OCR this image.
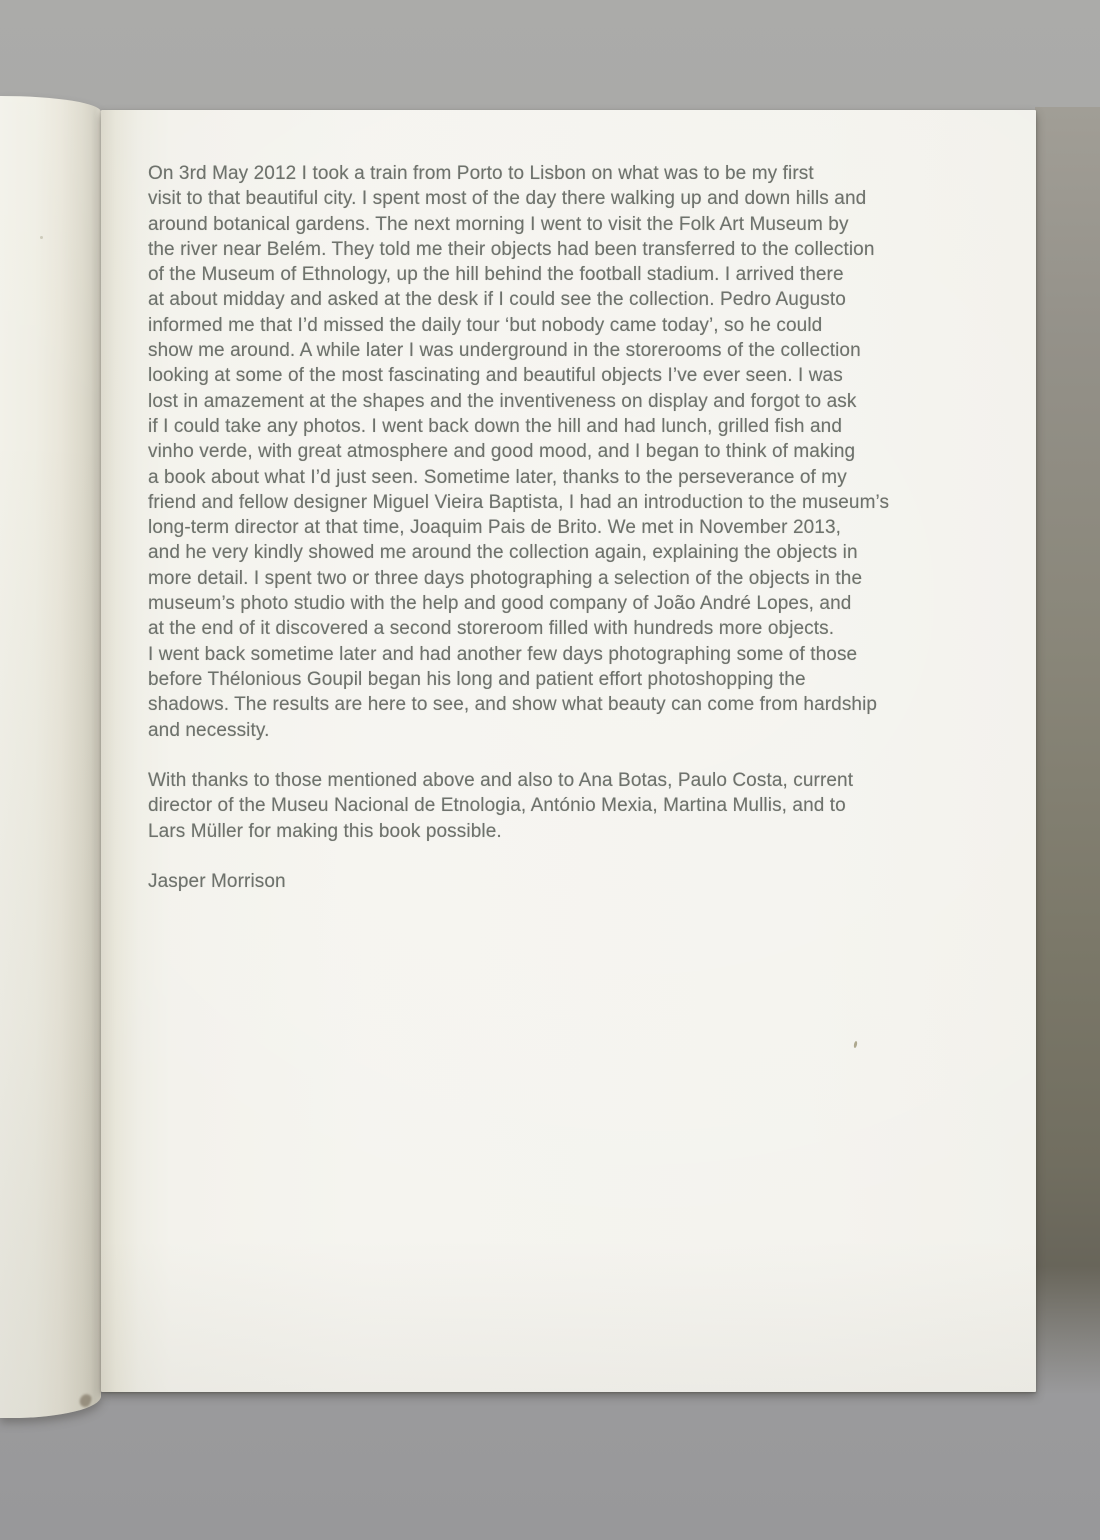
On 3rd May 2012 I took a train from Porto to Lisbon on what was to be my first
visit to that beautiful city. I spent most of the day there walking up and down hills and
around botanical gardens. The next morning I went to visit the Folk Art Museum by
the river near Belém. They told me their objects had been transferred to the collection
of the Museum of Ethnology, up the hill behind the football stadium. I arrived there
at about midday and asked at the desk if I could see the collection. Pedro Augusto
informed me that I’d missed the daily tour ‘but nobody came today’, so he could
show me around. A while later I was underground in the storerooms of the collection
looking at some of the most fascinating and beautiful objects I’ve ever seen. I was
lost in amazement at the shapes and the inventiveness on display and forgot to ask
if I could take any photos. I went back down the hill and had lunch, grilled fish and
vinho verde, with great atmosphere and good mood, and I began to think of making
a book about what I’d just seen. Sometime later, thanks to the perseverance of my
friend and fellow designer Miguel Vieira Baptista, I had an introduction to the museum’s
long-term director at that time, Joaquim Pais de Brito. We met in November 2013,
and he very kindly showed me around the collection again, explaining the objects in
more detail. I spent two or three days photographing a selection of the objects in the
museum’s photo studio with the help and good company of João André Lopes, and
at the end of it discovered a second storeroom filled with hundreds more objects.
I went back sometime later and had another few days photographing some of those
before Thélonious Goupil began his long and patient effort photoshopping the
shadows. The results are here to see, and show what beauty can come from hardship
and necessity.
With thanks to those mentioned above and also to Ana Botas, Paulo Costa, current
director of the Museu Nacional de Etnologia, António Mexia, Martina Mullis, and to
Lars Müller for making this book possible.
Jasper Morrison
